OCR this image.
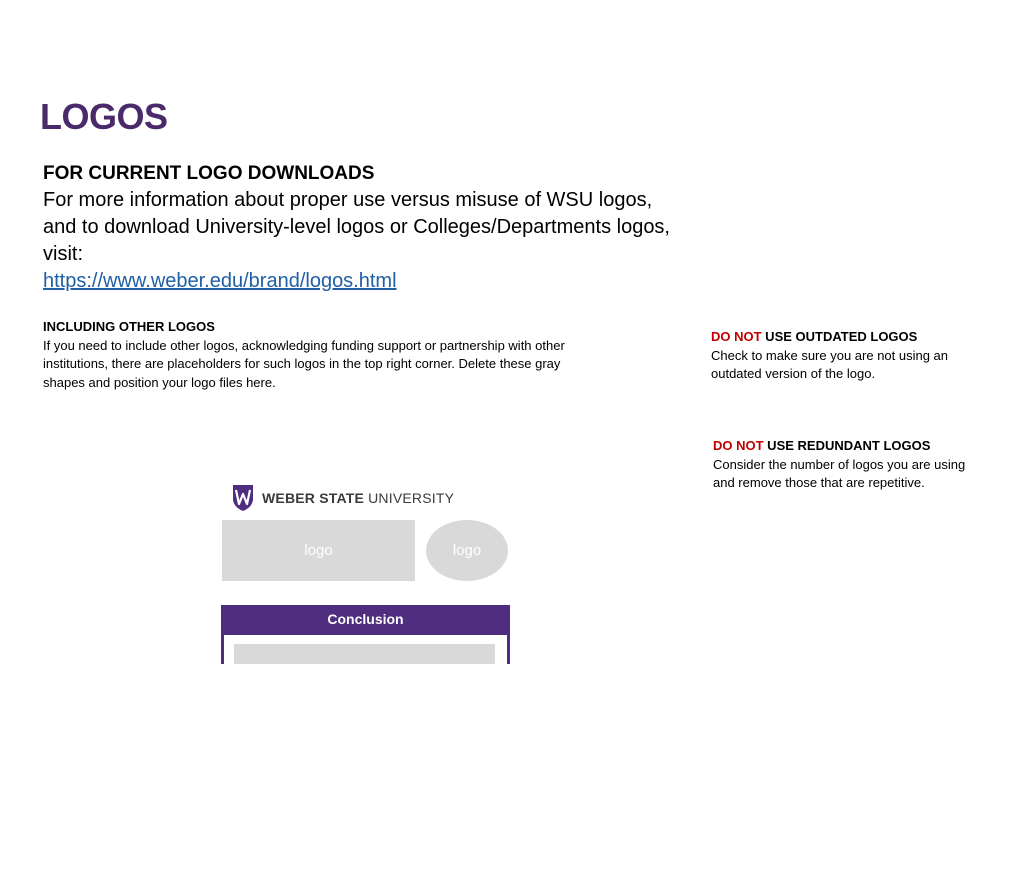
LOGOS
FOR CURRENT LOGO DOWNLOADS
For more information about proper use versus misuse of WSU logos, and to download University-level logos or Colleges/Departments logos, visit:
https://www.weber.edu/brand/logos.html
INCLUDING OTHER LOGOS
If you need to include other logos, acknowledging funding support or partnership with other institutions, there are placeholders for such logos in the top right corner. Delete these gray shapes and position your logo files here.
DO NOT USE OUTDATED LOGOS
Check to make sure you are not using an outdated version of the logo.
DO NOT USE REDUNDANT LOGOS
Consider the number of logos you are using and remove those that are repetitive.
WEBER STATE UNIVERSITY
logo	logo
Conclusion
